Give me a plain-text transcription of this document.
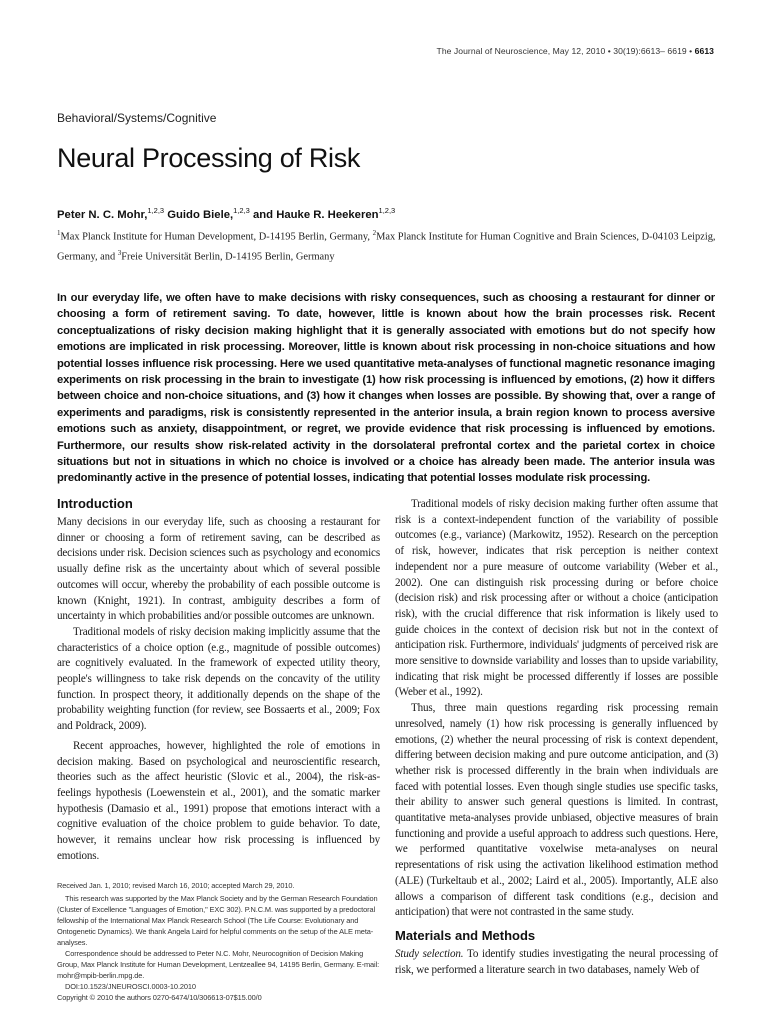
The Journal of Neuroscience, May 12, 2010 • 30(19):6613– 6619 • 6613
Behavioral/Systems/Cognitive
Neural Processing of Risk
Peter N. C. Mohr,$^{1,2,3}$ Guido Biele,$^{1,2,3}$ and Hauke R. Heekeren$^{1,2,3}$
$^1$Max Planck Institute for Human Development, D-14195 Berlin, Germany, $^2$Max Planck Institute for Human Cognitive and Brain Sciences, D-04103 Leipzig, Germany, and $^3$Freie Universität Berlin, D-14195 Berlin, Germany

In our everyday life, we often have to make decisions with risky consequences, such as choosing a restaurant for dinner or choosing a form of retirement saving. To date, however, little is known about how the brain processes risk. Recent conceptualizations of risky decision making highlight that it is generally associated with emotions but do not specify how emotions are implicated in risk processing. Moreover, little is known about risk processing in non-choice situations and how potential losses influence risk processing. Here we used quantitative meta-analyses of functional magnetic resonance imaging experiments on risk processing in the brain to investigate (1) how risk processing is influenced by emotions, (2) how it differs between choice and non-choice situations, and (3) how it changes when losses are possible. By showing that, over a range of experiments and paradigms, risk is consistently represented in the anterior insula, a brain region known to process aversive emotions such as anxiety, disappointment, or regret, we provide evidence that risk processing is influenced by emotions. Furthermore, our results show risk-related activity in the dorsolateral prefrontal cortex and the parietal cortex in choice situations but not in situations in which no choice is involved or a choice has already been made. The anterior insula was predominantly active in the presence of potential losses, indicating that potential losses modulate risk processing.

Introduction

Many decisions in our everyday life, such as choosing a restaurant for dinner or choosing a form of retirement saving, can be described as decisions under risk. Decision sciences such as psychology and economics usually define risk as the uncertainty about which of several possible outcomes will occur, whereby the probability of each possible outcome is known (Knight, 1921). In contrast, ambiguity describes a form of uncertainty in which probabilities and/or possible outcomes are unknown.

Traditional models of risky decision making implicitly assume that the characteristics of a choice option (e.g., magnitude of possible outcomes) are cognitively evaluated. In the framework of expected utility theory, people's willingness to take risk depends on the concavity of the utility function. In prospect theory, it additionally depends on the shape of the probability weighting function (for review, see Bossaerts et al., 2009; Fox and Poldrack, 2009).

Recent approaches, however, highlighted the role of emotions in decision making. Based on psychological and neuroscientific research, theories such as the affect heuristic (Slovic et al., 2004), the risk-as-feelings hypothesis (Loewenstein et al., 2001), and the somatic marker hypothesis (Damasio et al., 1991) propose that emotions interact with a cognitive evaluation of the choice problem to guide behavior. To date, however, it remains unclear how risk processing is influenced by emotions.

Traditional models of risky decision making further often assume that risk is a context-independent function of the variability of possible outcomes (e.g., variance) (Markowitz, 1952). Research on the perception of risk, however, indicates that risk perception is neither context independent nor a pure measure of outcome variability (Weber et al., 2002). One can distinguish risk processing during or before choice (decision risk) and risk processing after or without a choice (anticipation risk), with the crucial difference that risk information is likely used to guide choices in the context of decision risk but not in the context of anticipation risk. Furthermore, individuals' judgments of perceived risk are more sensitive to downside variability and losses than to upside variability, indicating that risk might be processed differently if losses are possible (Weber et al., 1992).

Thus, three main questions regarding risk processing remain unresolved, namely (1) how risk processing is generally influenced by emotions, (2) whether the neural processing of risk is context dependent, differing between decision making and pure outcome anticipation, and (3) whether risk is processed differently in the brain when individuals are faced with potential losses. Even though single studies use specific tasks, their ability to answer such general questions is limited. In contrast, quantitative meta-analyses provide unbiased, objective measures of brain functioning and provide a useful approach to address such questions. Here, we performed quantitative voxelwise meta-analyses on neural representations of risk using the activation likelihood estimation method (ALE) (Turkeltaub et al., 2002; Laird et al., 2005). Importantly, ALE also allows a comparison of different task conditions (e.g., decision and anticipation) that were not contrasted in the same study.

Materials and Methods

Study selection. To identify studies investigating the neural processing of risk, we performed a literature search in two databases, namely Web of

Received Jan. 1, 2010; revised March 16, 2010; accepted March 29, 2010.

This research was supported by the Max Planck Society and by the German Research Foundation (Cluster of Excellence "Languages of Emotion," EXC 302). P.N.C.M. was supported by a predoctoral fellowship of the International Max Planck Research School (The Life Course: Evolutionary and Ontogenetic Dynamics). We thank Angela Laird for helpful comments on the setup of the ALE meta-analyses.

Correspondence should be addressed to Peter N.C. Mohr, Neurocognition of Decision Making Group, Max Planck Institute for Human Development, Lentzeallee 94, 14195 Berlin, Germany. E-mail: mohr@mpib-berlin.mpg.de.

DOI:10.1523/JNEUROSCI.0003-10.2010

Copyright © 2010 the authors 0270-6474/10/306613-07$15.00/0
